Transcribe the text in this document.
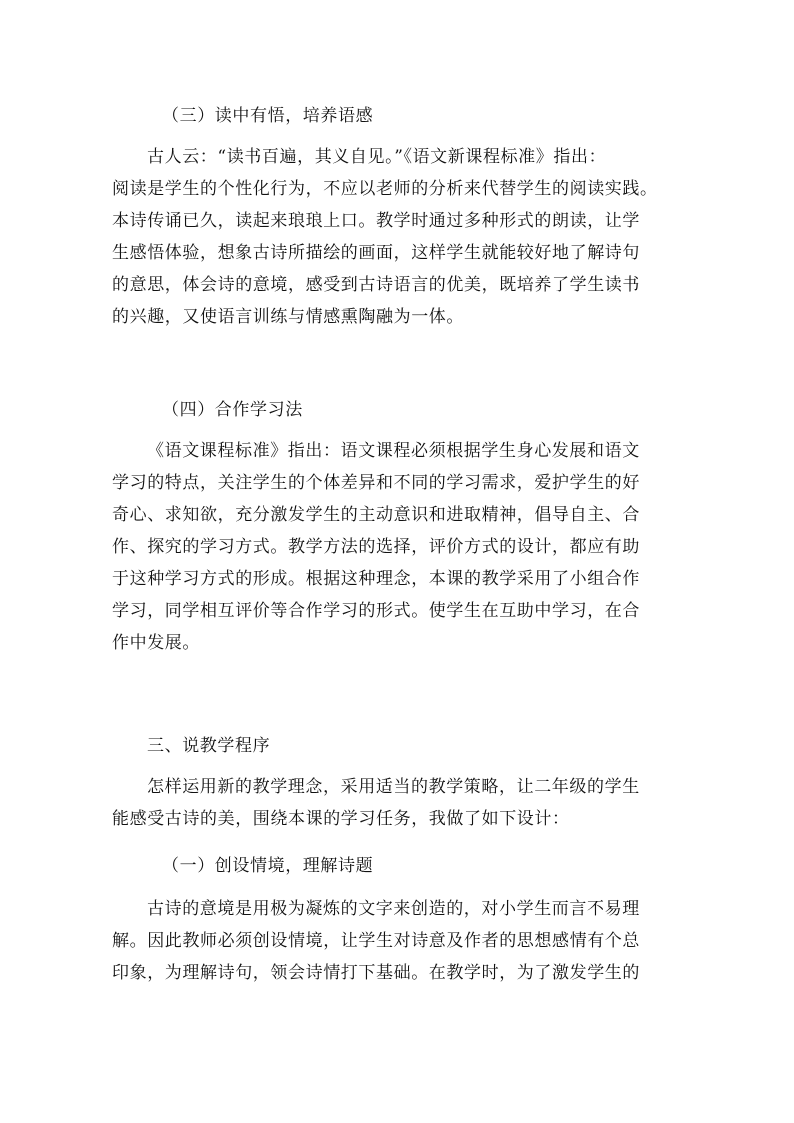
（三）读中有悟，培养语感
古人云：“读书百遍，其义自见。”《语文新课程标准》指出：
阅读是学生的个性化行为，不应以老师的分析来代替学生的阅读实践。
本诗传诵已久，读起来琅琅上口。教学时通过多种形式的朗读，让学
生感悟体验，想象古诗所描绘的画面，这样学生就能较好地了解诗句
的意思，体会诗的意境，感受到古诗语言的优美，既培养了学生读书
的兴趣，又使语言训练与情感熏陶融为一体。
（四）合作学习法
《语文课程标准》指出：语文课程必须根据学生身心发展和语文
学习的特点，关注学生的个体差异和不同的学习需求，爱护学生的好
奇心、求知欲，充分激发学生的主动意识和进取精神，倡导自主、合
作、探究的学习方式。教学方法的选择，评价方式的设计，都应有助
于这种学习方式的形成。根据这种理念，本课的教学采用了小组合作
学习，同学相互评价等合作学习的形式。使学生在互助中学习，在合
作中发展。
三、说教学程序
怎样运用新的教学理念，采用适当的教学策略，让二年级的学生
能感受古诗的美，围绕本课的学习任务，我做了如下设计：
（一）创设情境，理解诗题
古诗的意境是用极为凝炼的文字来创造的，对小学生而言不易理
解。因此教师必须创设情境，让学生对诗意及作者的思想感情有个总
印象，为理解诗句，领会诗情打下基础。在教学时，为了激发学生的
